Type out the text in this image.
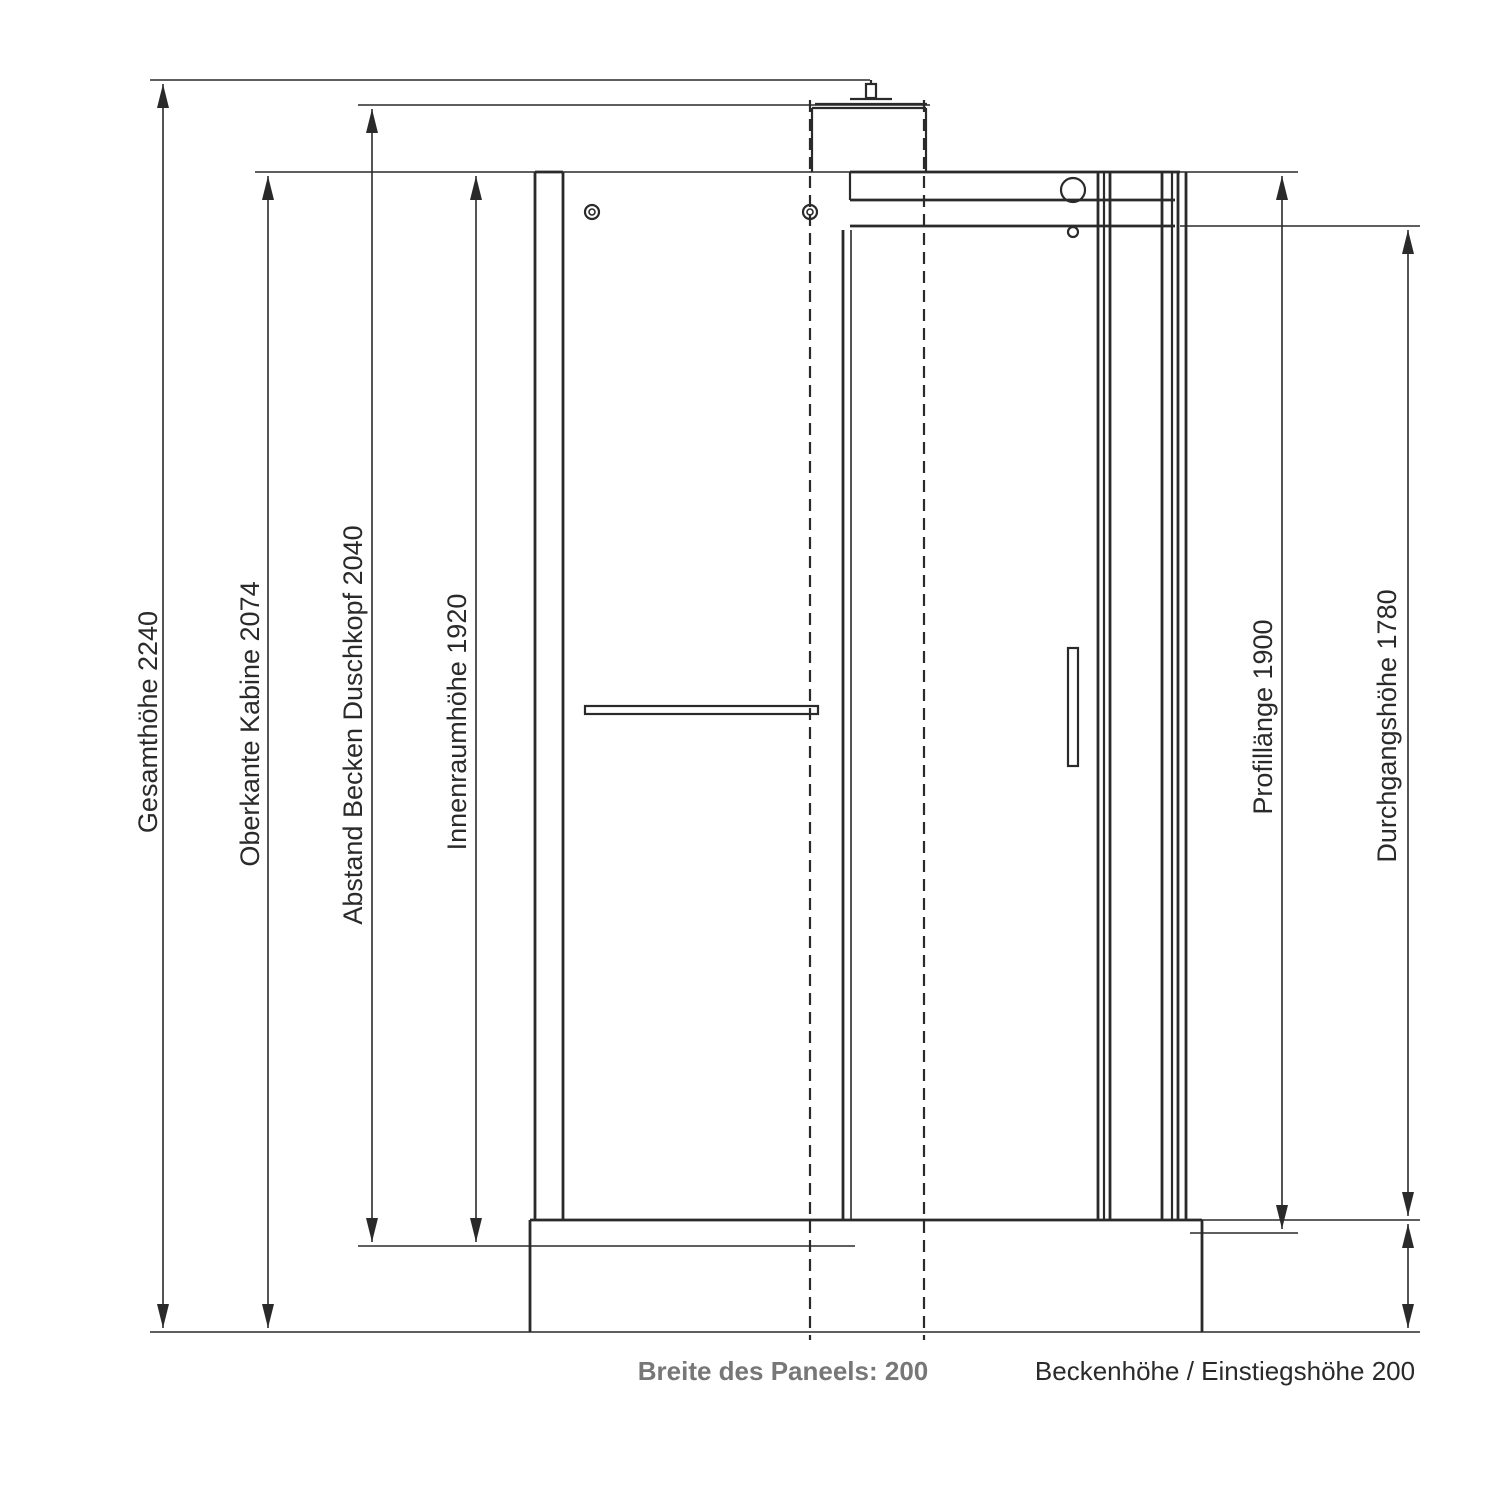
Gesamthöhe 2240	Oberkante Kabine 2074	Abstand Becken Duschkopf 2040	Innenraumhöhe 1920	Profillänge 1900	Durchgangshöhe 1780
Breite des Paneels: 200	Beckenhöhe / Einstiegshöhe 200
